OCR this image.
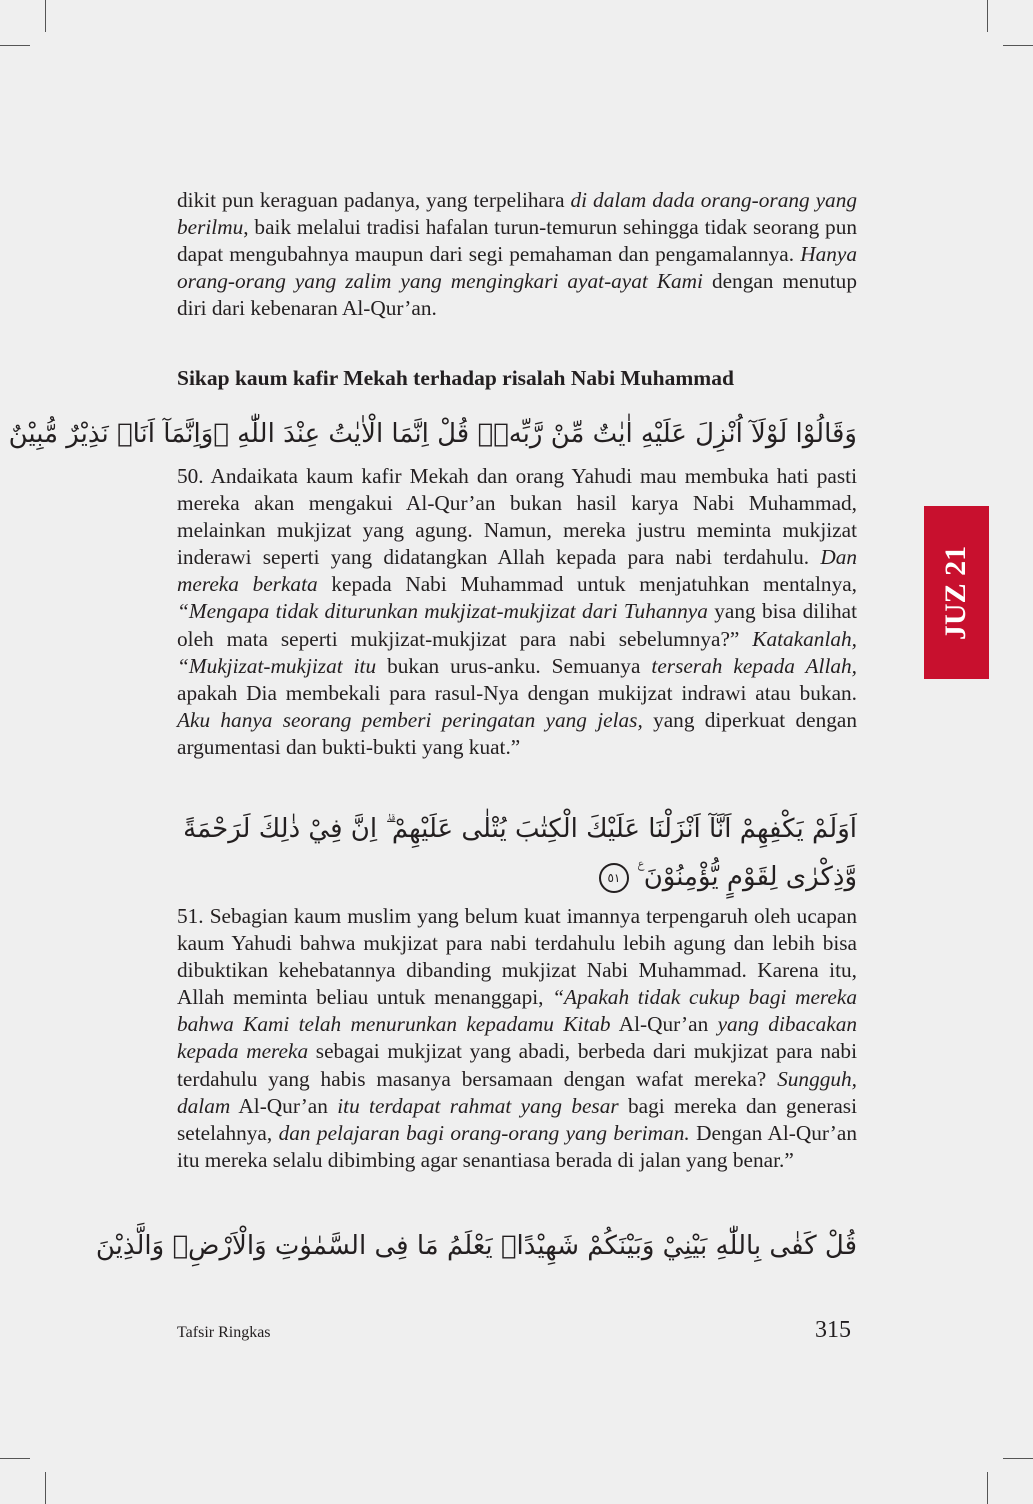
dikit pun keraguan padanya, yang terpelihara di dalam dada orang-orang yang berilmu, baik melalui tradisi hafalan turun-temurun sehingga tidak seorang pun dapat mengubahnya maupun dari segi pemahaman dan pengamalannya. Hanya orang-orang yang zalim yang mengingkari ayat-ayat Kami dengan menutup diri dari kebenaran Al-Qur’an.

Sikap kaum kafir Mekah terhadap risalah Nabi Muhammad
وَقَالُوْا لَوْلَآ اُنْزِلَ عَلَيْهِ اٰيٰتٌ مِّنْ رَّبِّهٖۗ قُلْ اِنَّمَا الْاٰيٰتُ عِنْدَ اللّٰهِ ۗوَاِنَّمَآ اَنَا۠ نَذِيْرٌ مُّبِيْنٌ

50. Andaikata kaum kafir Mekah dan orang Yahudi mau membuka hati pasti mereka akan mengakui Al-Qur’an bukan hasil karya Nabi Muhammad, melainkan mukjizat yang agung. Namun, mereka justru meminta mukjizat inderawi seperti yang didatangkan Allah kepada para nabi terdahulu. Dan mereka berkata kepada Nabi Muhammad untuk menjatuhkan mentalnya, “Mengapa tidak diturunkan mukjizat-mukjizat dari Tuhannya yang bisa dilihat oleh mata seperti mukjizat-mukjizat para nabi sebelumnya?” Katakanlah, “Mukjizat-mukjizat itu bukan urus-anku. Semuanya terserah kepada Allah, apakah Dia membekali para rasul-Nya dengan mukijzat indrawi atau bukan. Aku hanya seorang pemberi peringatan yang jelas, yang diperkuat dengan argumentasi dan bukti-bukti yang kuat.”

اَوَلَمْ يَكْفِهِمْ اَنَّآ اَنْزَلْنَا عَلَيْكَ الْكِتٰبَ يُتْلٰى عَلَيْهِمْ ۗ اِنَّ فِيْ ذٰلِكَ لَرَحْمَةً
وَّذِكْرٰى لِقَوْمٍ يُّؤْمِنُوْنَ ࣖ ٥١

51. Sebagian kaum muslim yang belum kuat imannya terpengaruh oleh ucapan kaum Yahudi bahwa mukjizat para nabi terdahulu lebih agung dan lebih bisa dibuktikan kehebatannya dibanding mukjizat Nabi Muhammad. Karena itu, Allah meminta beliau untuk menanggapi, “Apakah tidak cukup bagi mereka bahwa Kami telah menurunkan kepadamu Kitab Al-Qur’an yang dibacakan kepada mereka sebagai mukjizat yang abadi, berbeda dari mukjizat para nabi terdahulu yang habis masanya bersamaan dengan wafat mereka? Sungguh, dalam Al-Qur’an itu terdapat rahmat yang besar bagi mereka dan generasi setelahnya, dan pelajaran bagi orang-orang yang beriman. Dengan Al-Qur’an itu mereka selalu dibimbing agar senantiasa berada di jalan yang benar.”

قُلْ كَفٰى بِاللّٰهِ بَيْنِيْ وَبَيْنَكُمْ شَهِيْدًاۚ يَعْلَمُ مَا فِى السَّمٰوٰتِ وَالْاَرْضِۗ وَالَّذِيْنَ
JUZ 21
Tafsir Ringkas	315
